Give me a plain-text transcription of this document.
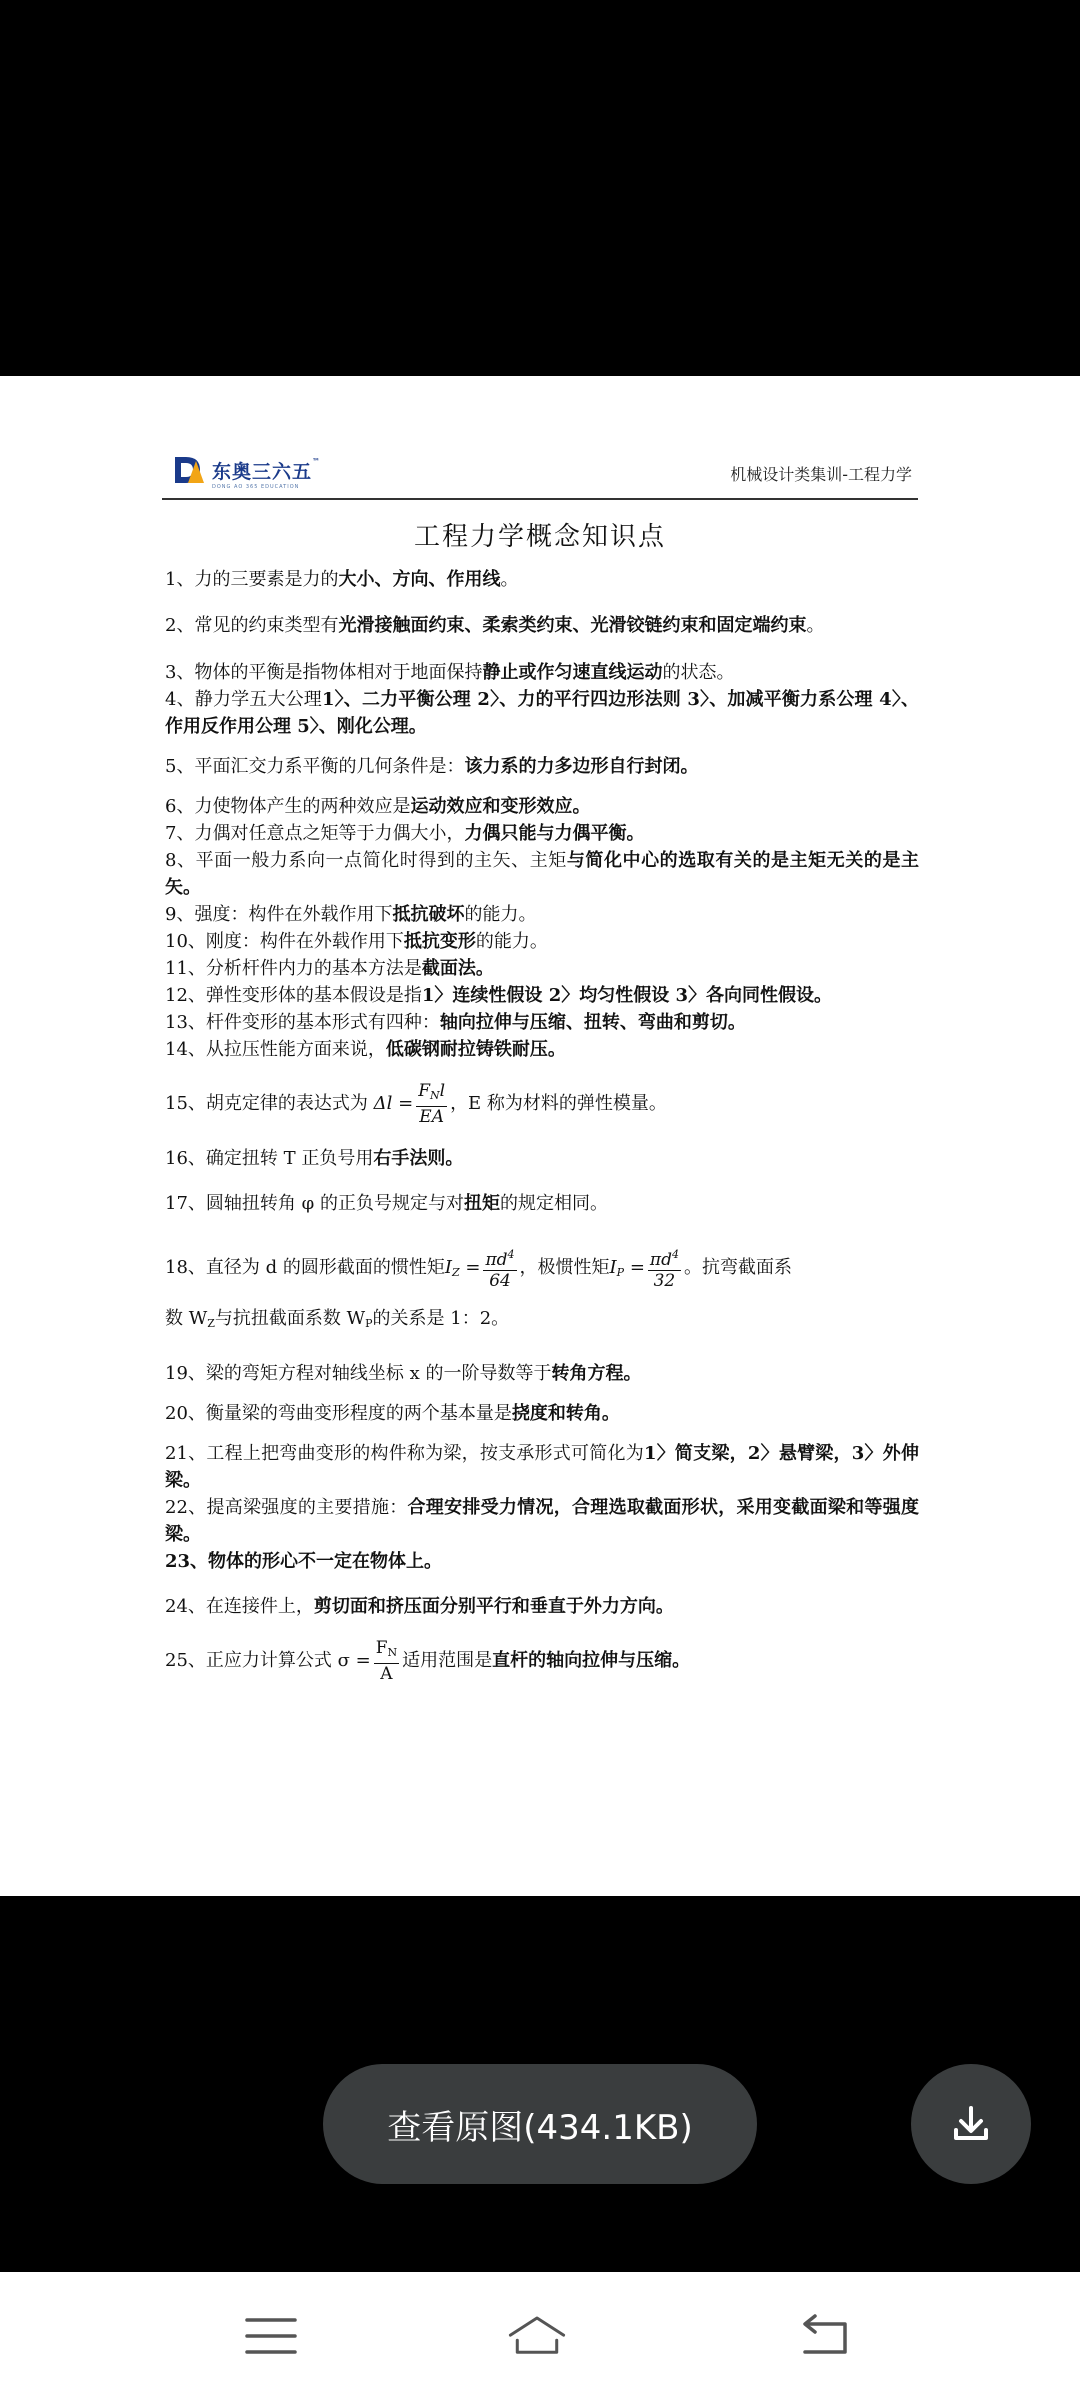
东奥三六五™
DONG AO 365 EDUCATION
机械设计类集训-工程力学
工程力学概念知识点

1、力的三要素是力的大小、方向、作用线。

2、常见的约束类型有光滑接触面约束、柔索类约束、光滑铰链约束和固定端约束。

3、物体的平衡是指物体相对于地面保持静止或作匀速直线运动的状态。

4、静力学五大公理1〉、二力平衡公理 2〉、力的平行四边形法则 3〉、加减平衡力系公理 4〉、作用反作用公理 5〉、刚化公理。

5、平面汇交力系平衡的几何条件是：该力系的力多边形自行封闭。

6、力使物体产生的两种效应是运动效应和变形效应。

7、力偶对任意点之矩等于力偶大小，力偶只能与力偶平衡。

8、平面一般力系向一点简化时得到的主矢、主矩与简化中心的选取有关的是主矩无关的是主矢。

9、强度：构件在外载作用下抵抗破坏的能力。

10、刚度：构件在外载作用下抵抗变形的能力。

11、分析杆件内力的基本方法是截面法。

12、弹性变形体的基本假设是指1〉连续性假设 2〉均匀性假设 3〉各向同性假设。

13、杆件变形的基本形式有四种：轴向拉伸与压缩、扭转、弯曲和剪切。

14、从拉压性能方面来说，低碳钢耐拉铸铁耐压。

15、胡克定律的表达式为 $\Delta l = \frac{F_Nl}{EA}$ ，E 称为材料的弹性模量。

16、确定扭转 T 正负号用右手法则。

17、圆轴扭转角 φ 的正负号规定与对扭矩的规定相同。

18、直径为 d 的圆形截面的惯性矩$I_Z = \frac{\pi d^4}{64}$ ，极惯性矩$I_P = \frac{\pi d^4}{32}$ 。抗弯截面系
数 $W_Z$与抗扭截面系数 $W_P$的关系是 1：2。

19、梁的弯矩方程对轴线坐标 x 的一阶导数等于转角方程。

20、衡量梁的弯曲变形程度的两个基本量是挠度和转角。

21、工程上把弯曲变形的构件称为梁，按支承形式可简化为1〉简支梁，2〉悬臂梁，3〉外伸梁。

22、提高梁强度的主要措施：合理安排受力情况，合理选取截面形状，采用变截面梁和等强度梁。

23、物体的形心不一定在物体上。

24、在连接件上，剪切面和挤压面分别平行和垂直于外力方向。

25、正应力计算公式 $\sigma = \frac{F_N}{A}$ 适用范围是直杆的轴向拉伸与压缩。

查看原图(434.1KB)
